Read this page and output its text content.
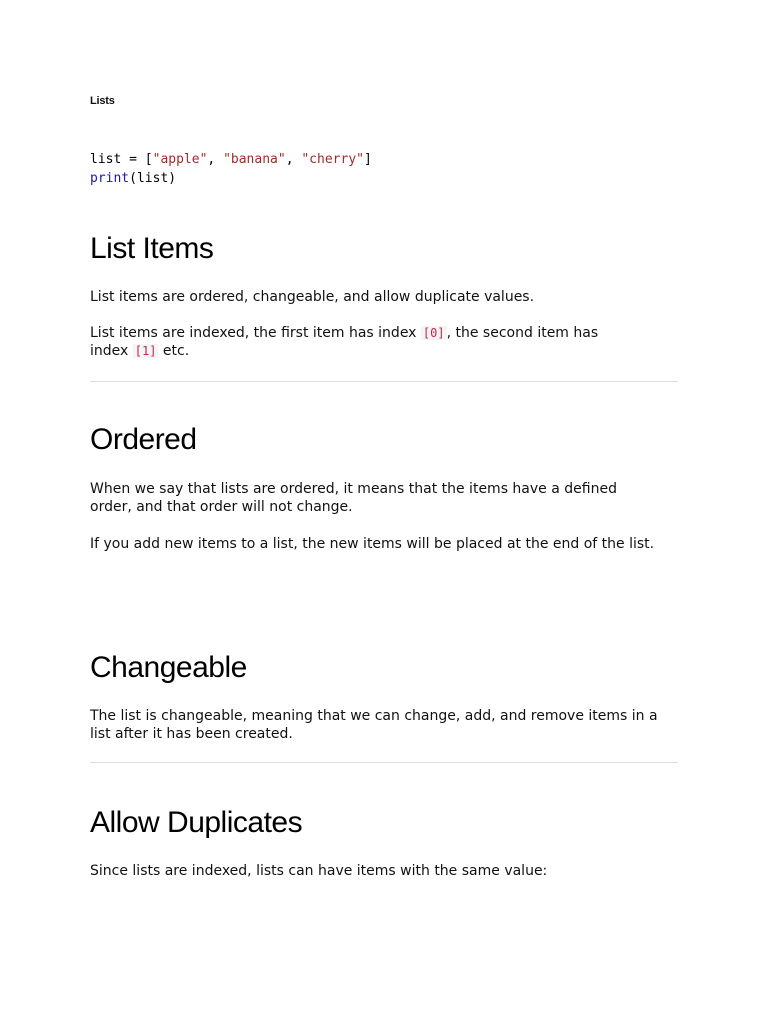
Lists
list = ["apple", "banana", "cherry"]
print(list)
List Items

List items are ordered, changeable, and allow duplicate values.

List items are indexed, the first item has index [0] , the second item has index [1] etc.

Ordered

When we say that lists are ordered, it means that the items have a defined order, and that order will not change.

If you add new items to a list, the new items will be placed at the end of the list.

Changeable

The list is changeable, meaning that we can change, add, and remove items in a list after it has been created.

Allow Duplicates

Since lists are indexed, lists can have items with the same value:
